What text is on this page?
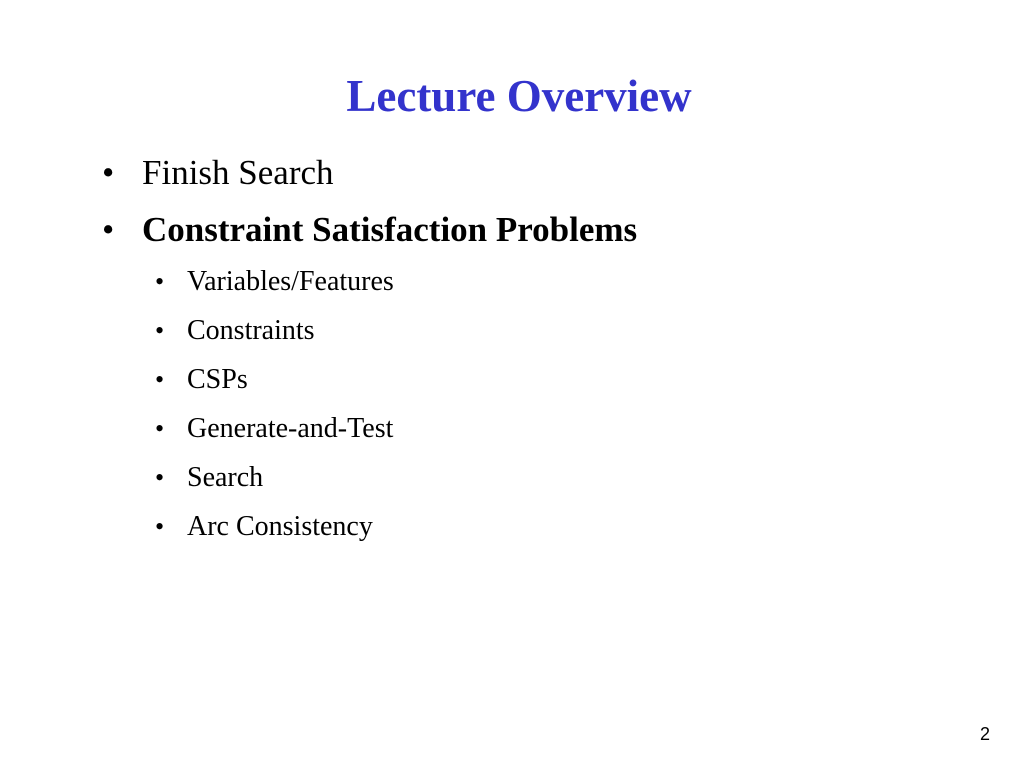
Lecture Overview
• Finish Search
• Constraint Satisfaction Problems
• Variables/Features
• Constraints
• CSPs
• Generate-and-Test
• Search
• Arc Consistency
2
